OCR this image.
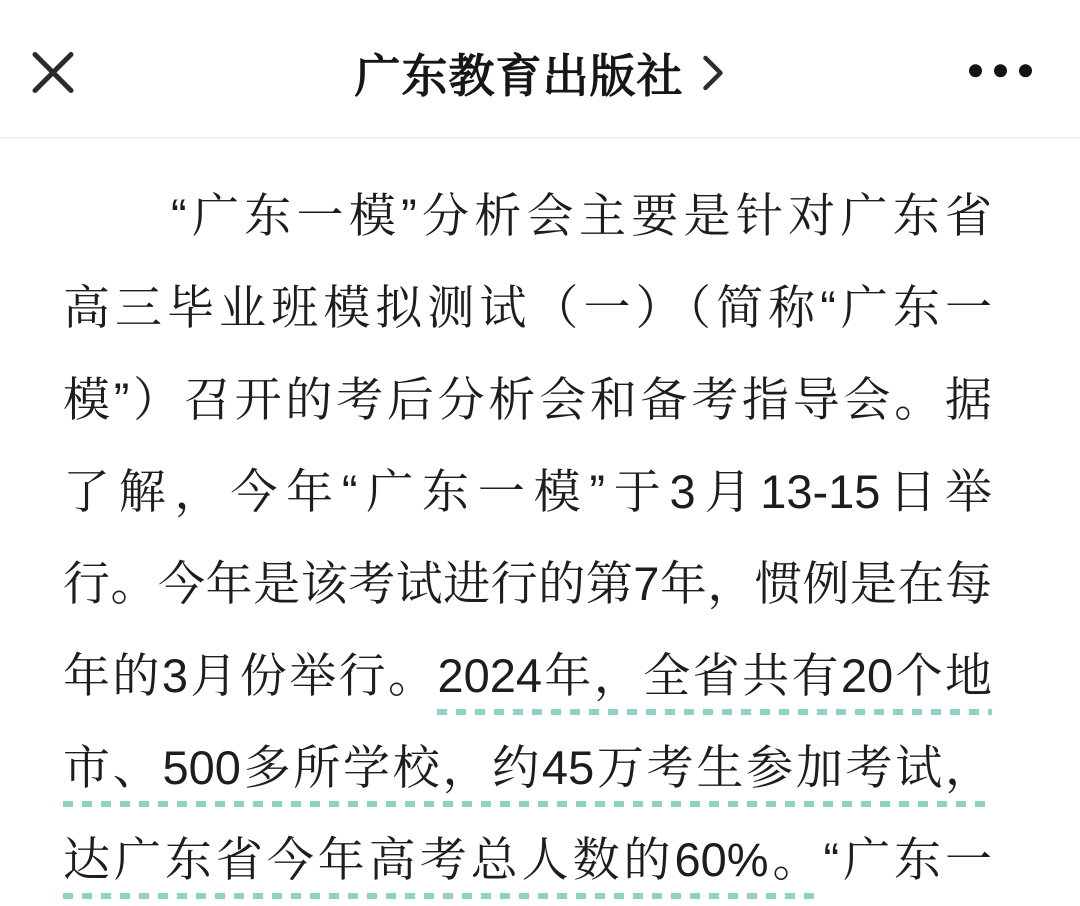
广东教育出版社
“广东一模”分析会主要是针对广东省
高三毕业班模拟测试（一）（简称“广东一
模”）召开的考后分析会和备考指导会。据
了解，今年“广东一模”于3月13-15日举
行。今年是该考试进行的第7年，惯例是在每
年的3月份举行。2024年，全省共有20个地
市、500多所学校，约45万考生参加考试，
达广东省今年高考总人数的60%。“广东一
